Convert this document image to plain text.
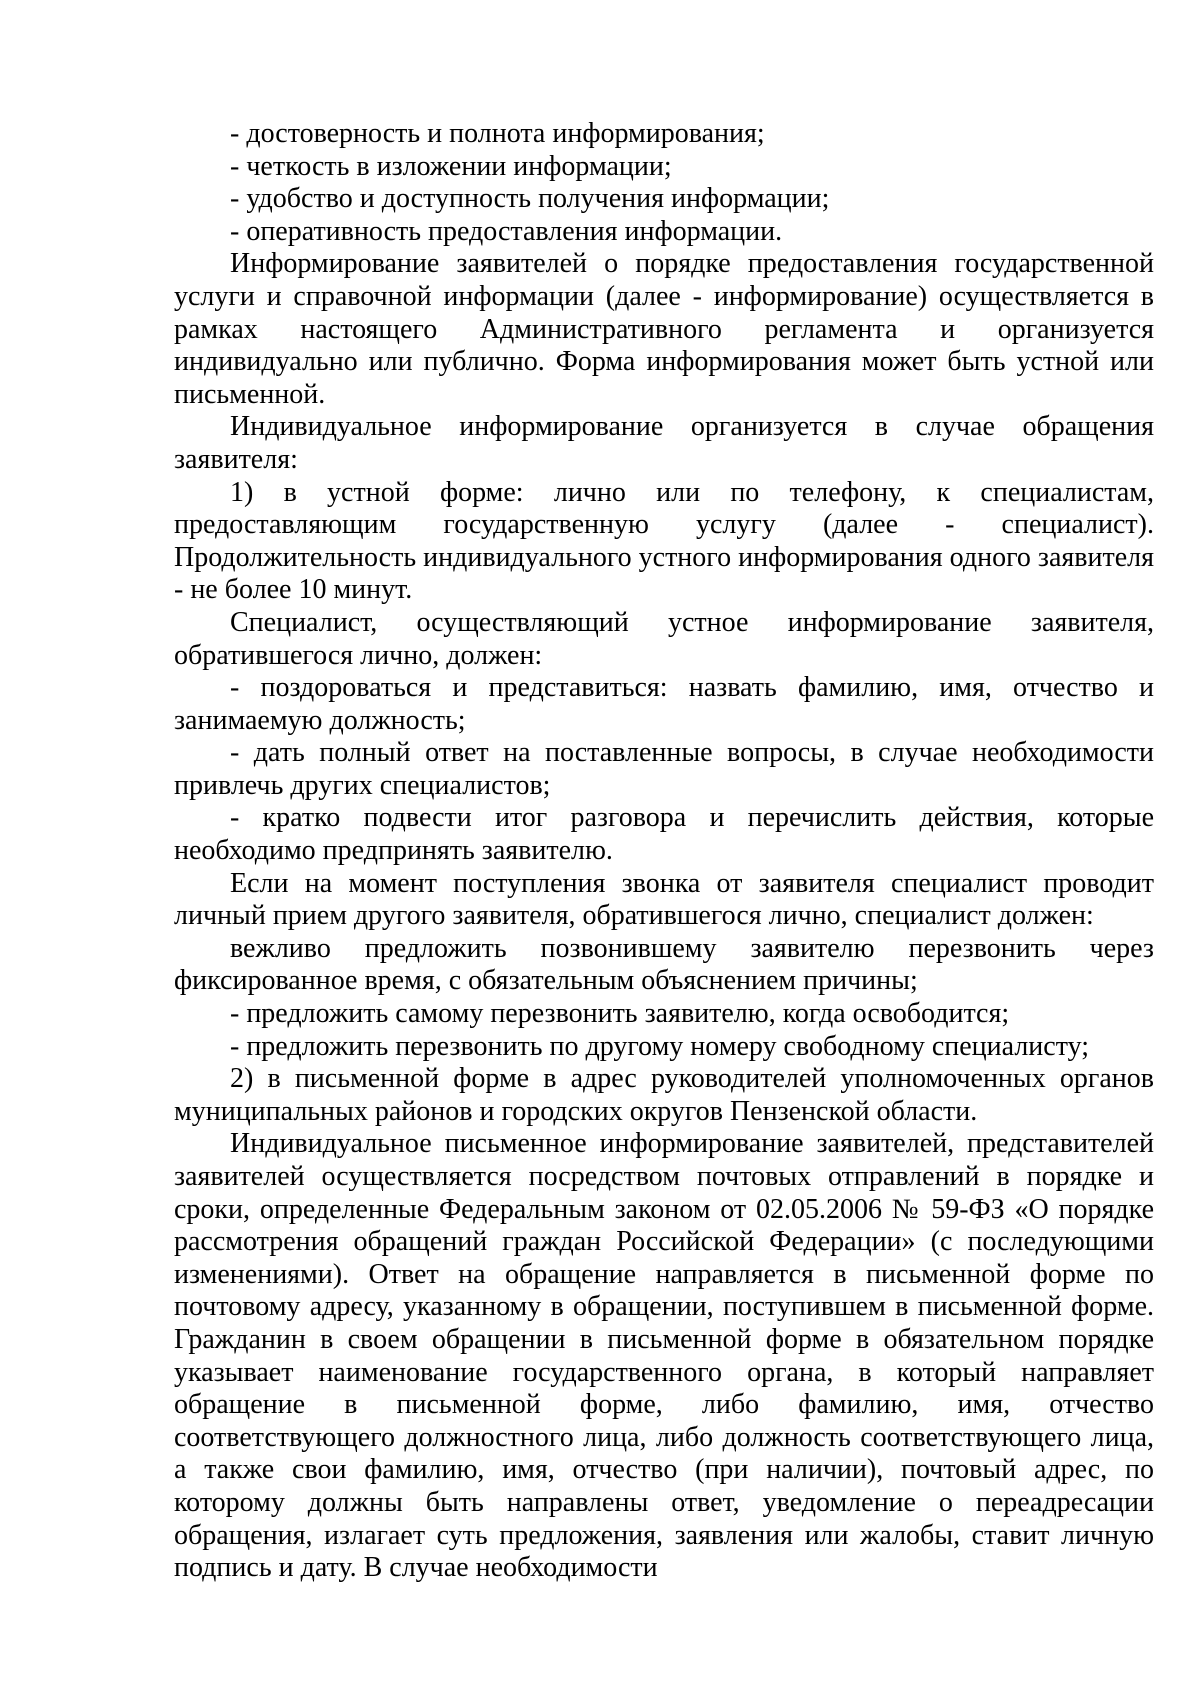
- достоверность и полнота информирования;

- четкость в изложении информации;

- удобство и доступность получения информации;

- оперативность предоставления информации.

Информирование заявителей о порядке предоставления государственной услуги и справочной информации (далее - информирование) осуществляется в рамках настоящего Административного регламента и организуется индивидуально или публично. Форма информирования может быть устной или письменной.

Индивидуальное информирование организуется в случае обращения заявителя:

1) в устной форме: лично или по телефону, к специалистам, предоставляющим государственную услугу (далее - специалист). Продолжительность индивидуального устного информирования одного заявителя - не более 10 минут.

Специалист, осуществляющий устное информирование заявителя, обратившегося лично, должен:

- поздороваться и представиться: назвать фамилию, имя, отчество и занимаемую должность;

- дать полный ответ на поставленные вопросы, в случае необходимости привлечь других специалистов;

- кратко подвести итог разговора и перечислить действия, которые необходимо предпринять заявителю.

Если на момент поступления звонка от заявителя специалист проводит личный прием другого заявителя, обратившегося лично, специалист должен:

вежливо предложить позвонившему заявителю перезвонить через фиксированное время, с обязательным объяснением причины;

- предложить самому перезвонить заявителю, когда освободится;

- предложить перезвонить по другому номеру свободному специалисту;

2) в письменной форме в адрес руководителей уполномоченных органов муниципальных районов и городских округов Пензенской области.

Индивидуальное письменное информирование заявителей, представителей заявителей осуществляется посредством почтовых отправлений в порядке и сроки, определенные Федеральным законом от 02.05.2006 № 59-ФЗ «О порядке рассмотрения обращений граждан Российской Федерации» (с последующими изменениями). Ответ на обращение направляется в письменной форме по почтовому адресу, указанному в обращении, поступившем в письменной форме. Гражданин в своем обращении в письменной форме в обязательном порядке указывает наименование государственного органа, в который направляет обращение в письменной форме, либо фамилию, имя, отчество соответствующего должностного лица, либо должность соответствующего лица, а также свои фамилию, имя, отчество (при наличии), почтовый адрес, по которому должны быть направлены ответ, уведомление о переадресации обращения, излагает суть предложения, заявления или жалобы, ставит личную подпись и дату. В случае необходимости
